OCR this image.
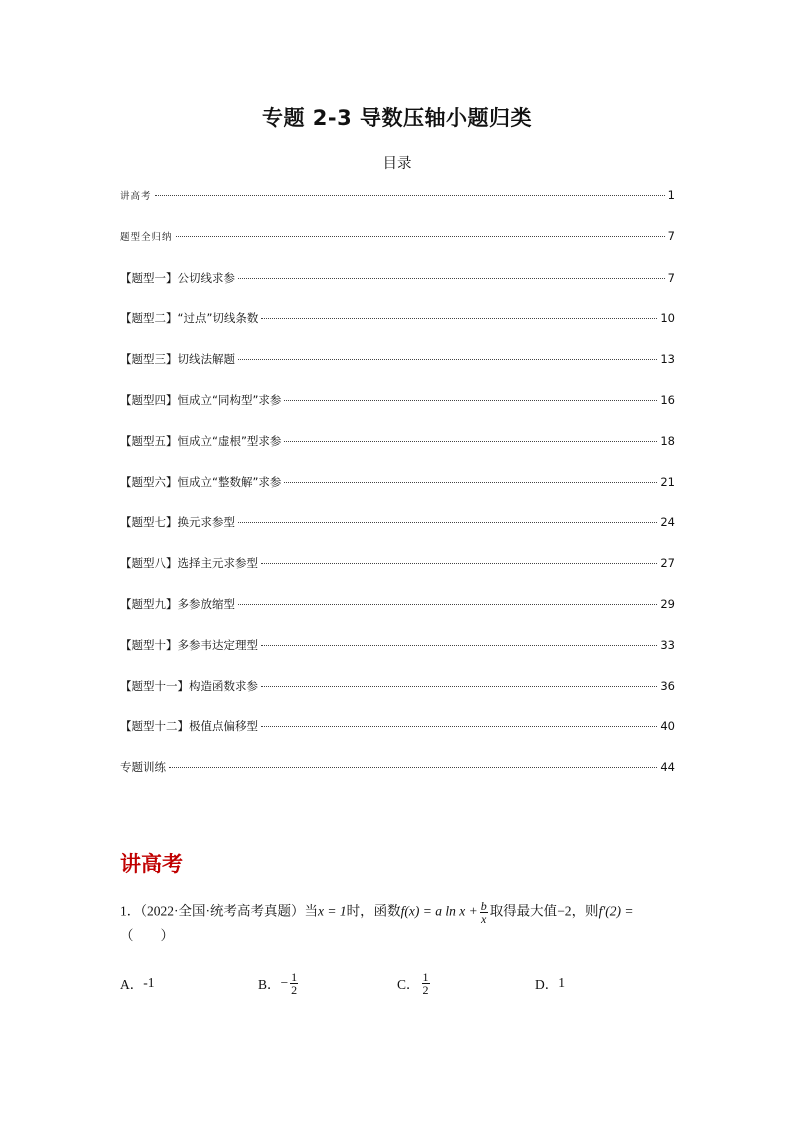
专题 2-3 导数压轴小题归类
目录
讲高考	1
题型全归纳	7
【题型一】公切线求参	7
【题型二】“过点”切线条数	10
【题型三】切线法解题	13
【题型四】恒成立“同构型”求参	16
【题型五】恒成立“虚根”型求参	18
【题型六】恒成立“整数解”求参	21
【题型七】换元求参型	24
【题型八】选择主元求参型	27
【题型九】多参放缩型	29
【题型十】多参韦达定理型	33
【题型十一】构造函数求参	36
【题型十二】极值点偏移型	40
专题训练	44
讲高考
1．（2022·全国·统考高考真题）当x = 1时，函数f(x) = a $\ln x + \frac{b}{x}$ 取得最大值−2，则f′(2) =
（　　）
A． -1	B． − $\frac{1}{2}$	C． $\frac{1}{2}$	D． 1
